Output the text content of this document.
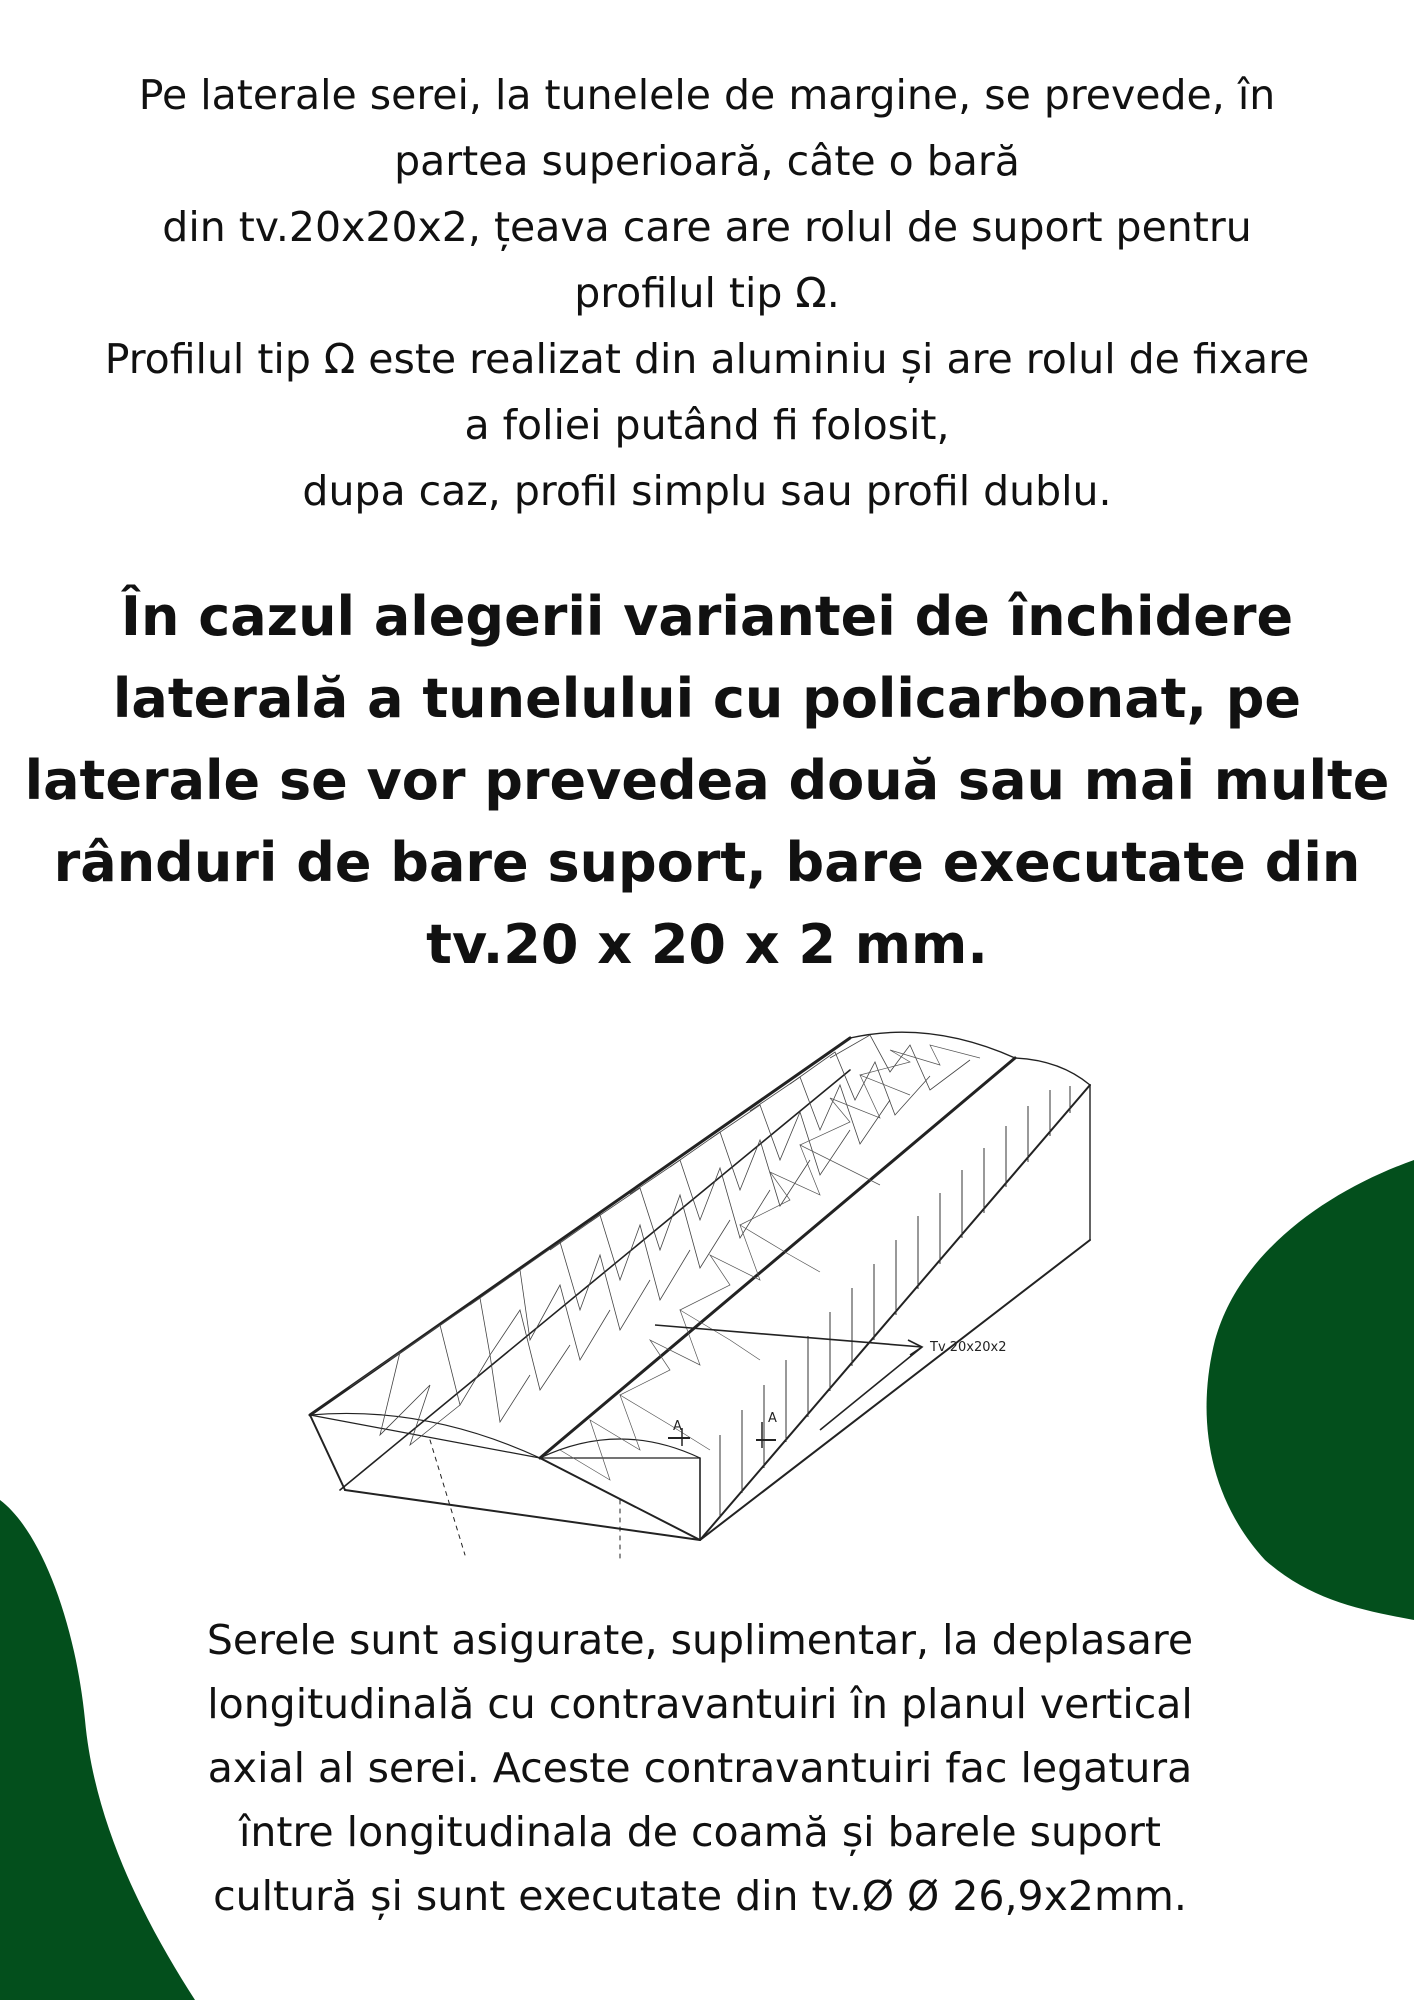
Pe laterale serei, la tunelele de margine, se prevede, în
partea superioară, câte o bară
din tv.20x20x2, țeava care are rolul de suport pentru
profilul tip Ω.
Profilul tip Ω este realizat din aluminiu și are rolul de fixare
a foliei putând fi folosit,
dupa caz, profil simplu sau profil dublu.
În cazul alegerii variantei de închidere
laterală a tunelului cu policarbonat, pe
laterale se vor prevedea două sau mai multe
rânduri de bare suport, bare executate din
tv.20 x 20 x 2 mm.
Tv 20x20x2
A
A
Serele sunt asigurate, suplimentar, la deplasare
longitudinală cu contravantuiri în planul vertical
axial al serei. Aceste contravantuiri fac legatura
între longitudinala de coamă și barele suport
cultură și sunt executate din tv.Ø Ø 26,9x2mm.
